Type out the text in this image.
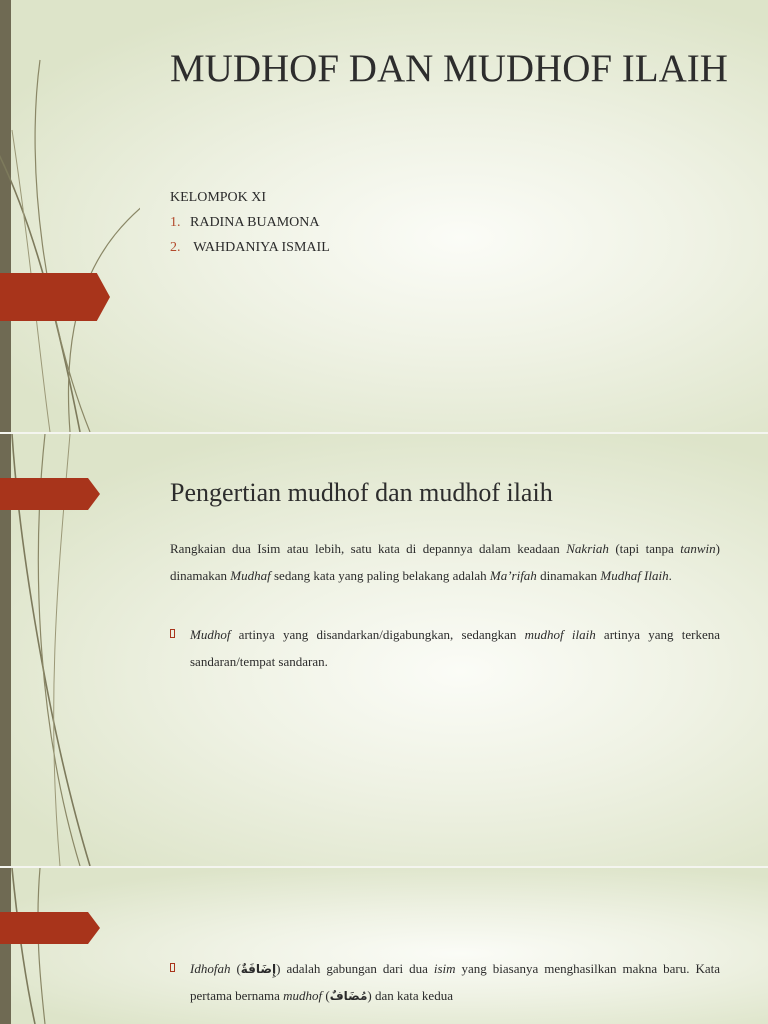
MUDHOF DAN MUDHOF ILAIH
KELOMPOK XI
1. RADINA BUAMONA
2. WAHDANIYA ISMAIL
Pengertian mudhof dan mudhof ilaih

Rangkaian dua Isim atau lebih, satu kata di depannya dalam keadaan Nakriah (tapi tanpa tanwin) dinamakan Mudhaf sedang kata yang paling belakang adalah Ma’rifah dinamakan Mudhaf Ilaih.

Mudhof artinya yang disandarkan/digabungkan, sedangkan mudhof ilaih artinya yang terkena sandaran/tempat sandaran.
Idhofah (إِضَافَةٌ) adalah gabungan dari dua isim yang biasanya menghasilkan makna baru. Kata pertama bernama mudhof (مُضَافٌ) dan kata kedua
